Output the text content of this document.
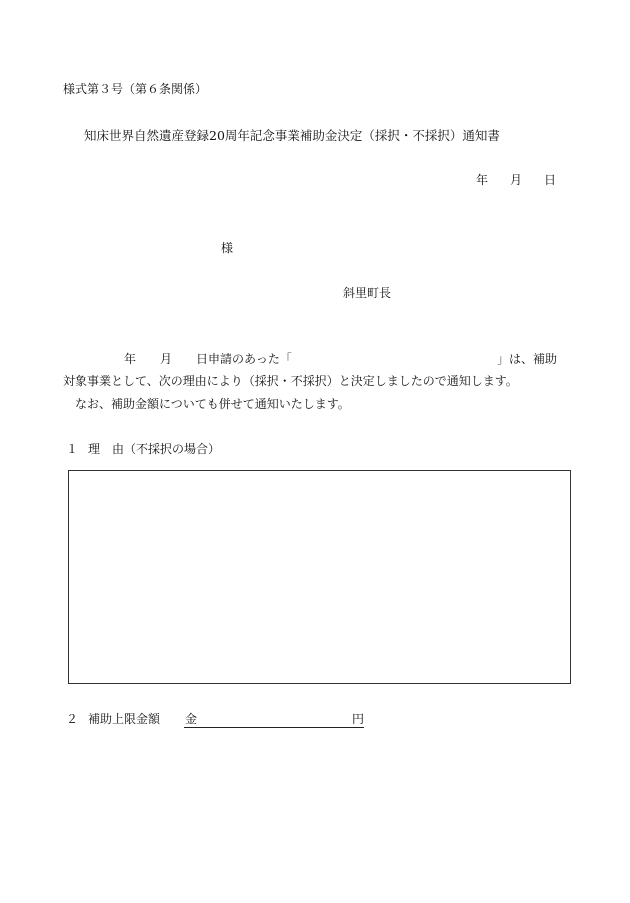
様式第３号（第６条関係）
知床世界自然遺産登録20周年記念事業補助金決定（採択・不採択）通知書
年 月 日
様
斜里町長
年 月 日申請のあった「	」は、補助
対象事業として、次の理由により（採択・不採択）と決定しましたので通知します。
なお、補助金額についても併せて通知いたします。
１ 理　由（不採択の場合）
２ 補助上限金額 金	円
